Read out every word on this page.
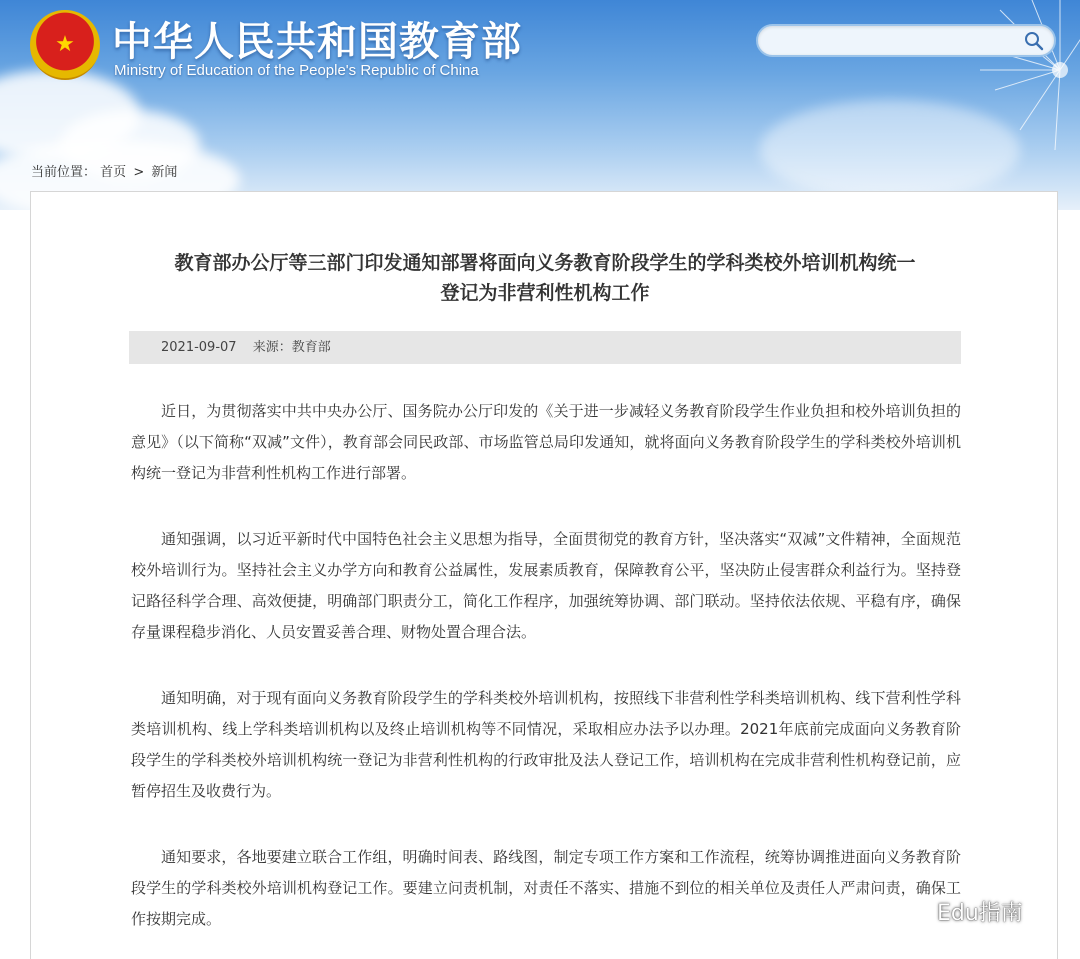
★ 中华人民共和国教育部
Ministry of Education of the People's Republic of China
当前位置： 首页 > 新闻
教育部办公厅等三部门印发通知部署将面向义务教育阶段学生的学科类校外培训机构统一
登记为非营利性机构工作
2021-09-07 来源：教育部

近日，为贯彻落实中共中央办公厅、国务院办公厅印发的《关于进一步减轻义务教育阶段学生作业负担和校外培训负担的意见》（以下简称“双减”文件），教育部会同民政部、市场监管总局印发通知，就将面向义务教育阶段学生的学科类校外培训机构统一登记为非营利性机构工作进行部署。

通知强调，以习近平新时代中国特色社会主义思想为指导，全面贯彻党的教育方针，坚决落实“双减”文件精神，全面规范校外培训行为。坚持社会主义办学方向和教育公益属性，发展素质教育，保障教育公平，坚决防止侵害群众利益行为。坚持登记路径科学合理、高效便捷，明确部门职责分工，简化工作程序，加强统筹协调、部门联动。坚持依法依规、平稳有序，确保存量课程稳步消化、人员安置妥善合理、财物处置合理合法。

通知明确，对于现有面向义务教育阶段学生的学科类校外培训机构，按照线下非营利性学科类培训机构、线下营利性学科类培训机构、线上学科类培训机构以及终止培训机构等不同情况，采取相应办法予以办理。2021年底前完成面向义务教育阶段学生的学科类校外培训机构统一登记为非营利性机构的行政审批及法人登记工作，培训机构在完成非营利性机构登记前，应暂停招生及收费行为。

通知要求，各地要建立联合工作组，明确时间表、路线图，制定专项工作方案和工作流程，统筹协调推进面向义务教育阶段学生的学科类校外培训机构登记工作。要建立问责机制，对责任不落实、措施不到位的相关单位及责任人严肃问责，确保工作按期完成。	Edu指南
